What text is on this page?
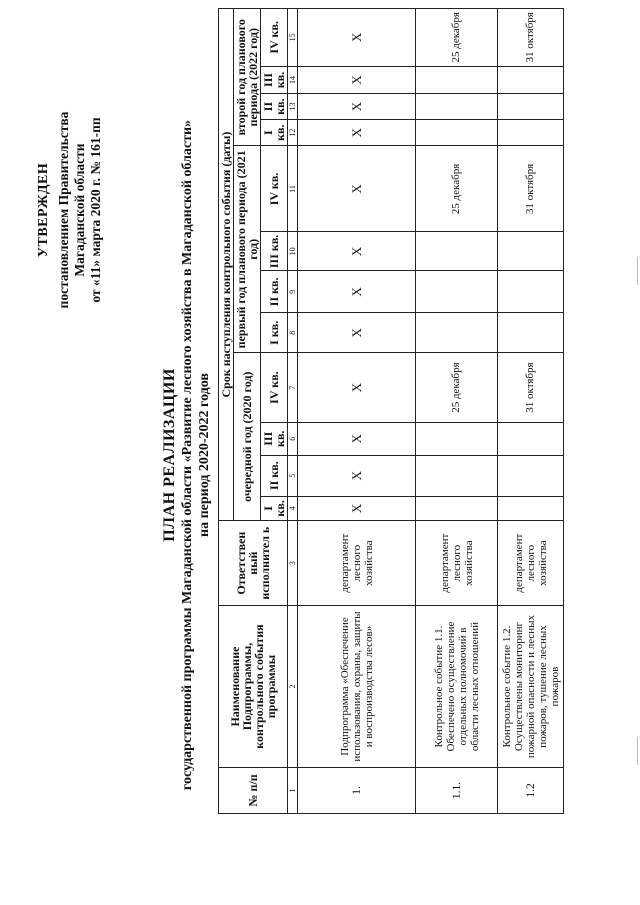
УТВЕРЖДЕН постановлением Правительства Магаданской области от «11» марта 2020 г. № 161-пп
ПЛАН РЕАЛИЗАЦИИ государственной программы Магаданской области «Развитие лесного хозяйства в Магаданской области» на период 2020-2022 годов
№ п/п	Наименование Подпрограммы, контрольного события программы	Ответствен ный исполнител ь	Срок наступления контрольного события (даты)											
			очередной год (2020 год)				первый год планового периода (2021 год)				второй год планового периода (2022 год)			
			I кв.	II кв.	III кв.	IV кв.	I кв.	II кв.	III кв.	IV кв.	I кв.	II кв.	III кв.	IV кв.
1	2	3	4	5	6	7	8	9	10	11	12	13	14	15
1.	Подпрограмма «Обеспечение использования, охраны, защиты и воспроизводства лесов»	департамент лесного хозяйства	Х	Х	Х	Х	Х	Х	Х	Х	Х	Х	Х	Х
1.1.	Контрольное событие 1.1. Обеспечено осуществление отдельных полномочий в области лесных отношений	департамент лесного хозяйства				25 декабря				25 декабря				25 декабря
1.2	Контрольное событие 1.2. Осуществлены мониторинг пожарной опасности и лесных пожаров, тушение лесных пожаров	департамент лесного хозяйства				31 октября				31 октября				31 октября
